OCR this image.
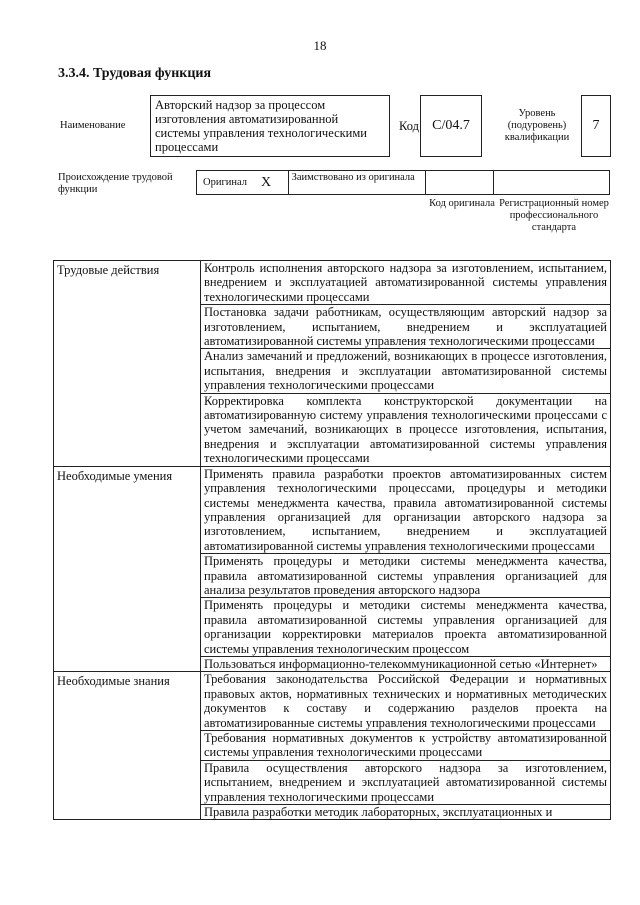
18
3.3.4. Трудовая функция
Наименование
Авторский надзор за процессом изготовления автоматизированной системы управления технологическими процессами
Код С/04.7
Уровень (подуровень) квалификации
7
Происхождение трудовой функции
Оригинал X Заимствовано из оригинала
Код оригинала Регистрационный номер профессионального стандарта
Трудовые действия	Контроль исполнения авторского надзора за изготовлением, испытанием, внедрением и эксплуатацией автоматизированной системы управления технологическими процессами
	Постановка задачи работникам, осуществляющим авторский надзор за изготовлением, испытанием, внедрением и эксплуатацией автоматизированной системы управления технологическими процессами
	Анализ замечаний и предложений, возникающих в процессе изготовления, испытания, внедрения и эксплуатации автоматизированной системы управления технологическими процессами
	Корректировка комплекта конструкторской документации на автоматизированную систему управления технологическими процессами с учетом замечаний, возникающих в процессе изготовления, испытания, внедрения и эксплуатации автоматизированной системы управления технологическими процессами
Необходимые умения	Применять правила разработки проектов автоматизированных систем управления технологическими процессами, процедуры и методики системы менеджмента качества, правила автоматизированной системы управления организацией для организации авторского надзора за изготовлением, испытанием, внедрением и эксплуатацией автоматизированной системы управления технологическими процессами
	Применять процедуры и методики системы менеджмента качества, правила автоматизированной системы управления организацией для анализа результатов проведения авторского надзора
	Применять процедуры и методики системы менеджмента качества, правила автоматизированной системы управления организацией для организации корректировки материалов проекта автоматизированной системы управления технологическим процессом
	Пользоваться информационно-телекоммуникационной сетью «Интернет»
Необходимые знания	Требования законодательства Российской Федерации и нормативных правовых актов, нормативных технических и нормативных методических документов к составу и содержанию разделов проекта на автоматизированные системы управления технологическими процессами
	Требования нормативных документов к устройству автоматизированной системы управления технологическими процессами
	Правила осуществления авторского надзора за изготовлением, испытанием, внедрением и эксплуатацией автоматизированной системы управления технологическими процессами
	Правила разработки методик лабораторных, эксплуатационных и
